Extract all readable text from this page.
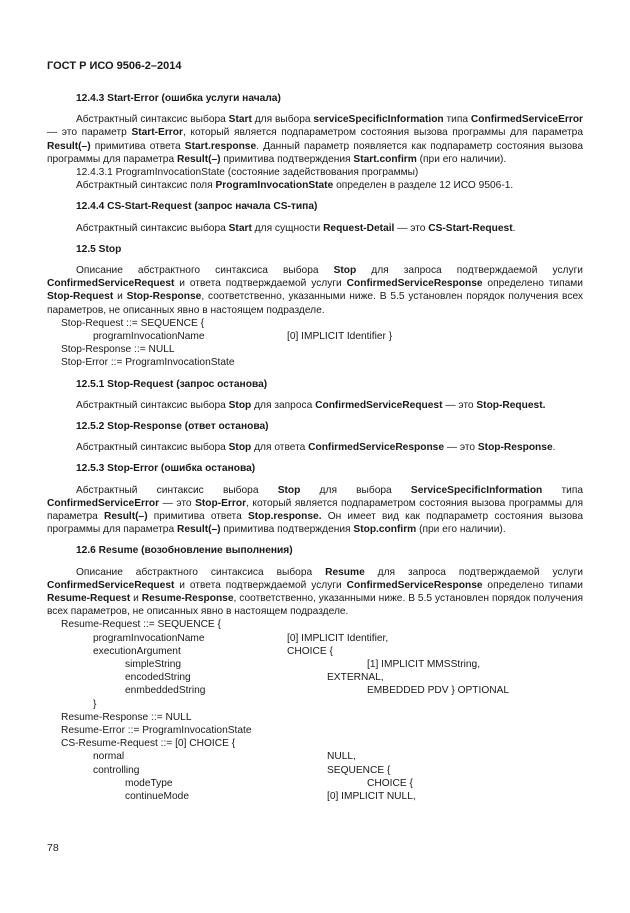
ГОСТ Р ИСО 9506-2–2014
12.4.3 Start-Error (ошибка услуги начала)
Абстрактный синтаксис выбора Start для выбора serviceSpecificInformation типа ConfirmedServiceError — это параметр Start-Error, который является подпараметром состояния вызова программы для параметра Result(–) примитива ответа Start.response. Данный параметр появляется как подпараметр состояния вызова программы для параметра Result(–) примитива подтверждения Start.confirm (при его наличии).
12.4.3.1 ProgramInvocationState (состояние задействования программы)
Абстрактный синтаксис поля ProgramInvocationState определен в разделе 12 ИСО 9506-1.
12.4.4 CS-Start-Request (запрос начала CS-типа)
Абстрактный синтаксис выбора Start для сущности Request-Detail — это CS-Start-Request.
12.5 Stop
Описание абстрактного синтаксиса выбора Stop для запроса подтверждаемой услуги ConfirmedServiceRequest и ответа подтверждаемой услуги ConfirmedServiceResponse определено типами Stop-Request и Stop-Response, соответственно, указанными ниже. В 5.5 установлен порядок получения всех параметров, не описанных явно в настоящем подразделе.
Stop-Request ::= SEQUENCE {
programInvocationName	[0] IMPLICIT Identifier }
Stop-Response ::= NULL
Stop-Error ::= ProgramInvocationState
12.5.1 Stop-Request (запрос останова)
Абстрактный синтаксис выбора Stop для запроса ConfirmedServiceRequest — это Stop-Request.
12.5.2 Stop-Response (ответ останова)
Абстрактный синтаксис выбора Stop для ответа ConfirmedServiceResponse — это Stop-Response.
12.5.3 Stop-Error (ошибка останова)
Абстрактный синтаксис выбора Stop для выбора ServiceSpecificInformation типа ConfirmedServiceError — это Stop-Error, который является подпараметром состояния вызова программы для параметра Result(–) примитива ответа Stop.response. Он имеет вид как подпараметр состояния вызова программы для параметра Result(–) примитива подтверждения Stop.confirm (при его наличии).
12.6 Resume (возобновление выполнения)
Описание абстрактного синтаксиса выбора Resume для запроса подтверждаемой услуги ConfirmedServiceRequest и ответа подтверждаемой услуги ConfirmedServiceResponse определено типами Resume-Request и Resume-Response, соответственно, указанными ниже. В 5.5 установлен порядок получения всех параметров, не описанных явно в настоящем подразделе.
Resume-Request ::= SEQUENCE {
programInvocationName	[0] IMPLICIT Identifier,
executionArgument	CHOICE {
simpleString	[1] IMPLICIT MMSString,
encodedString	EXTERNAL,
enmbeddedString	EMBEDDED PDV } OPTIONAL
}
Resume-Response ::= NULL
Resume-Error ::= ProgramInvocationState
CS-Resume-Request ::= [0] CHOICE {
normal	NULL,
controlling	SEQUENCE {
modeType	CHOICE {
continueMode	[0] IMPLICIT NULL,
78
